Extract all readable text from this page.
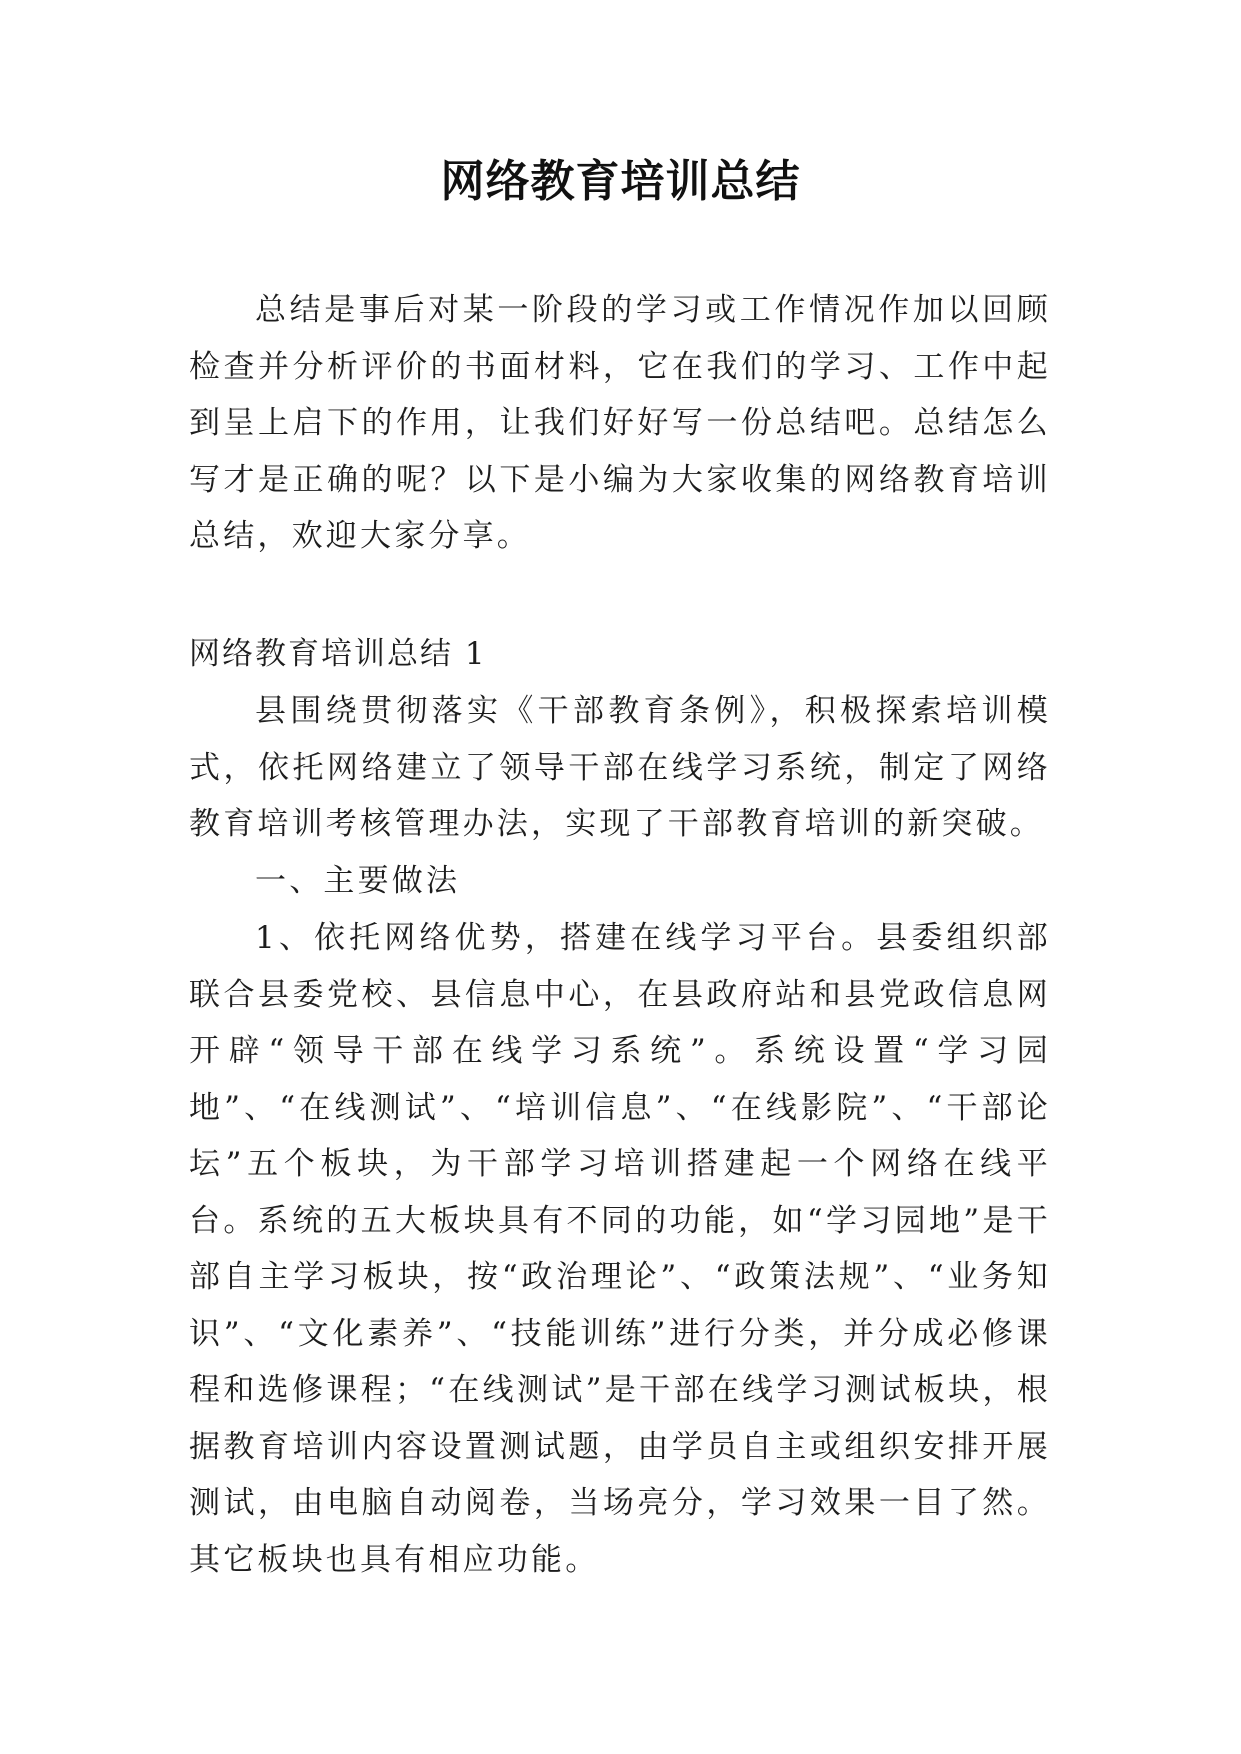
网络教育培训总结

总结是事后对某一阶段的学习或工作情况作加以回顾检查并分析评价的书面材料，它在我们的学习、工作中起到呈上启下的作用，让我们好好写一份总结吧。总结怎么写才是正确的呢？以下是小编为大家收集的网络教育培训总结，欢迎大家分享。

网络教育培训总结 1

县围绕贯彻落实《干部教育条例》，积极探索培训模式，依托网络建立了领导干部在线学习系统，制定了网络教育培训考核管理办法，实现了干部教育培训的新突破。

一、主要做法

1、依托网络优势，搭建在线学习平台。县委组织部联合县委党校、县信息中心，在县政府站和县党政信息网开辟“领导干部在线学习系统”。系统设置“学习园地”、“在线测试”、“培训信息”、“在线影院”、“干部论坛”五个板块，为干部学习培训搭建起一个网络在线平台。系统的五大板块具有不同的功能，如“学习园地”是干部自主学习板块，按“政治理论”、“政策法规”、“业务知识”、“文化素养”、“技能训练”进行分类，并分成必修课程和选修课程；“在线测试”是干部在线学习测试板块，根据教育培训内容设置测试题，由学员自主或组织安排开展测试，由电脑自动阅卷，当场亮分，学习效果一目了然。其它板块也具有相应功能。
